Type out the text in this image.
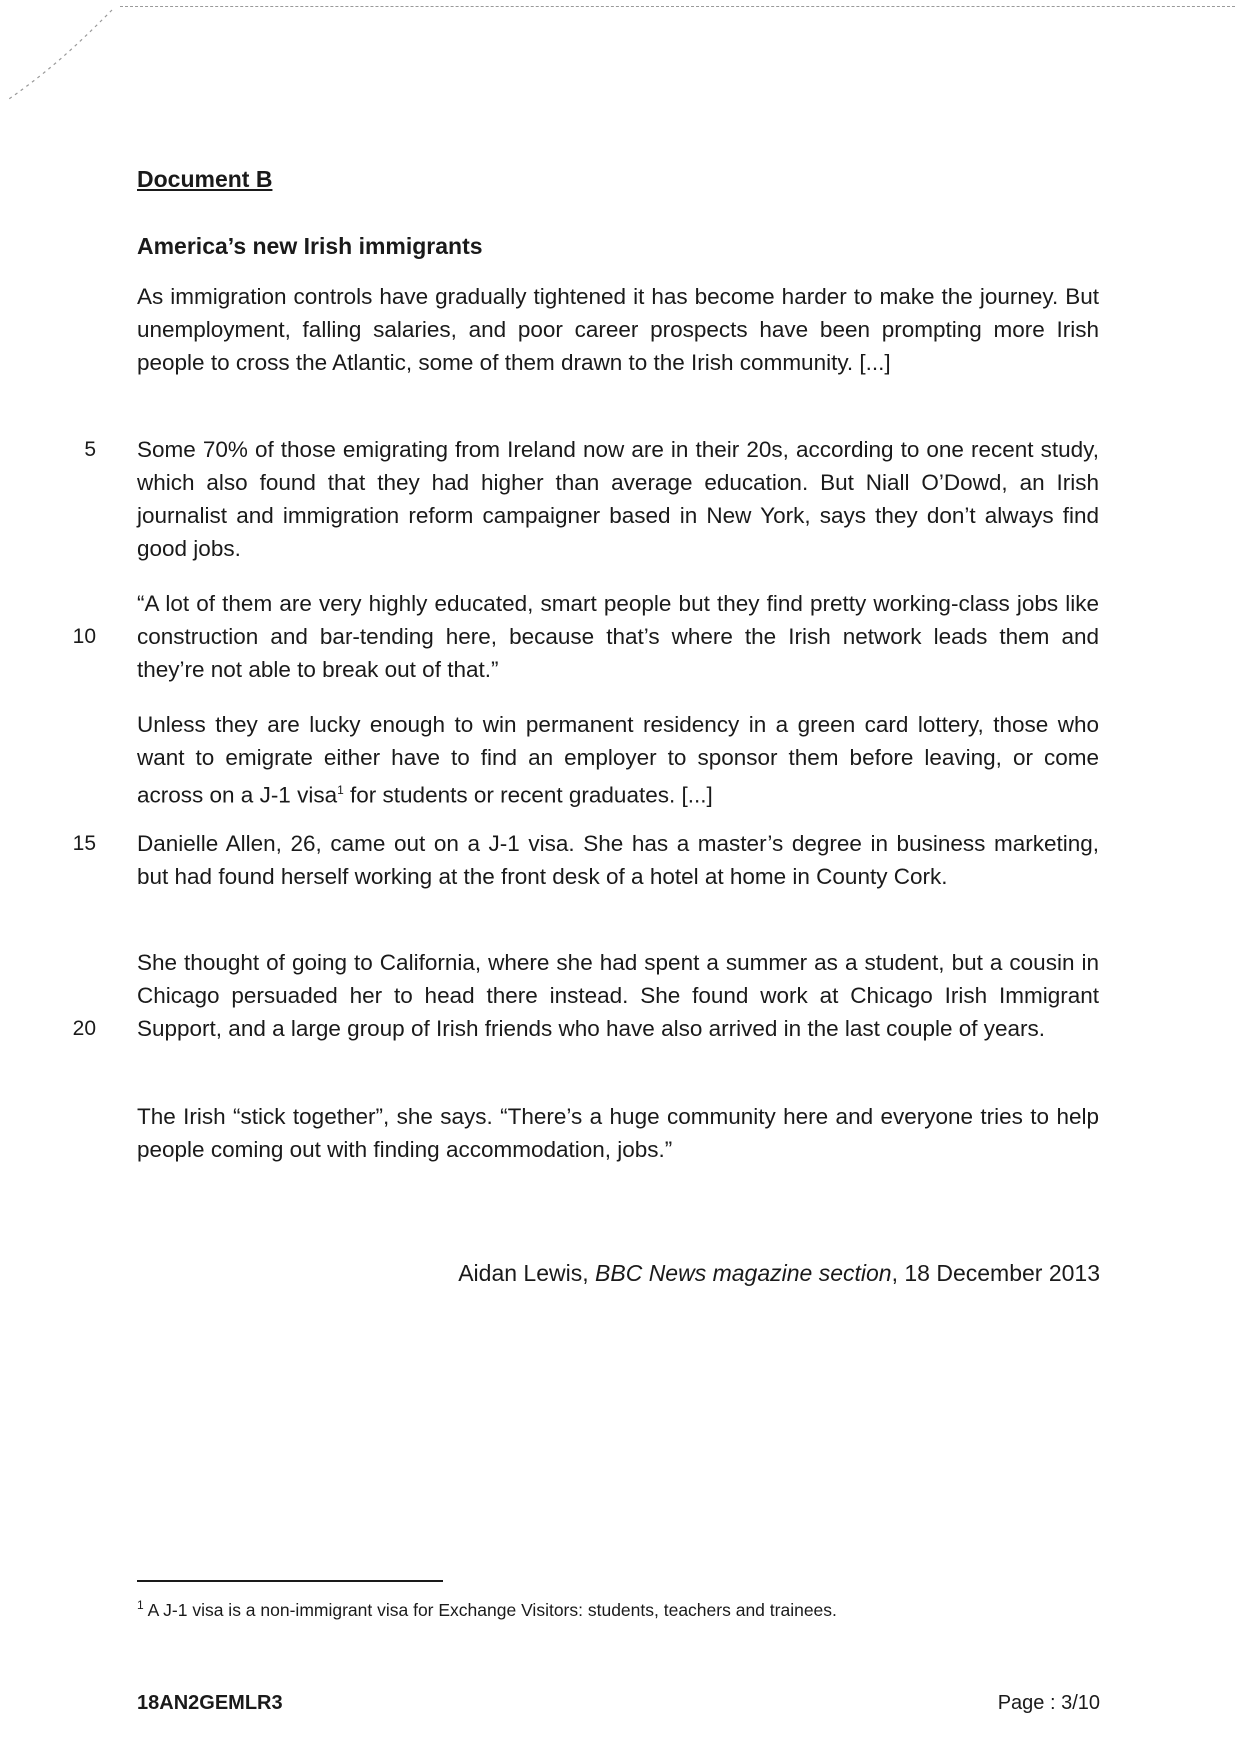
Document B
America’s new Irish immigrants
As immigration controls have gradually tightened it has become harder to make the journey. But unemployment, falling salaries, and poor career prospects have been prompting more Irish people to cross the Atlantic, some of them drawn to the Irish community. [...]
5 Some 70% of those emigrating from Ireland now are in their 20s, according to one recent study, which also found that they had higher than average education. But Niall O’Dowd, an Irish journalist and immigration reform campaigner based in New York, says they don’t always find good jobs.
10
“A lot of them are very highly educated, smart people but they find pretty working-class jobs like construction and bar-tending here, because that’s where the Irish network leads them and they’re not able to break out of that.”
Unless they are lucky enough to win permanent residency in a green card lottery, those who want to emigrate either have to find an employer to sponsor them before leaving, or come across on a J-1 visa$^1$ for students or recent graduates. [...]
15 Danielle Allen, 26, came out on a J-1 visa. She has a master’s degree in business marketing, but had found herself working at the front desk of a hotel at home in County Cork.
20
She thought of going to California, where she had spent a summer as a student, but a cousin in Chicago persuaded her to head there instead. She found work at Chicago Irish Immigrant Support, and a large group of Irish friends who have also arrived in the last couple of years.
The Irish “stick together”, she says. “There’s a huge community here and everyone tries to help people coming out with finding accommodation, jobs.”
Aidan Lewis, BBC News magazine section, 18 December 2013
$^1$ A J-1 visa is a non-immigrant visa for Exchange Visitors: students, teachers and trainees.
18AN2GEMLR3	Page : 3/10
